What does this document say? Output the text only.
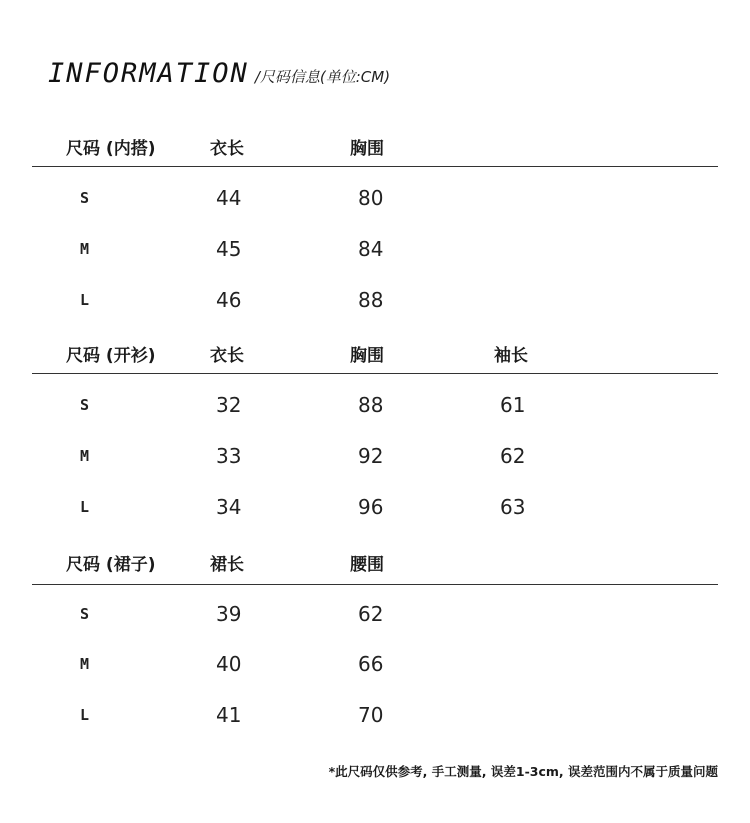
INFORMATION /尺码信息(单位:CM)
尺码 (内搭)	衣长	胸围
S	44	80
M	45	84
L	46	88
尺码 (开衫)	衣长	胸围	袖长
S	32	88	61
M	33	92	62
L	34	96	63
尺码 (裙子)	裙长	腰围
S	39	62
M	40	66
L	41	70
*此尺码仅供参考, 手工测量, 误差1-3cm, 误差范围内不属于质量问题
